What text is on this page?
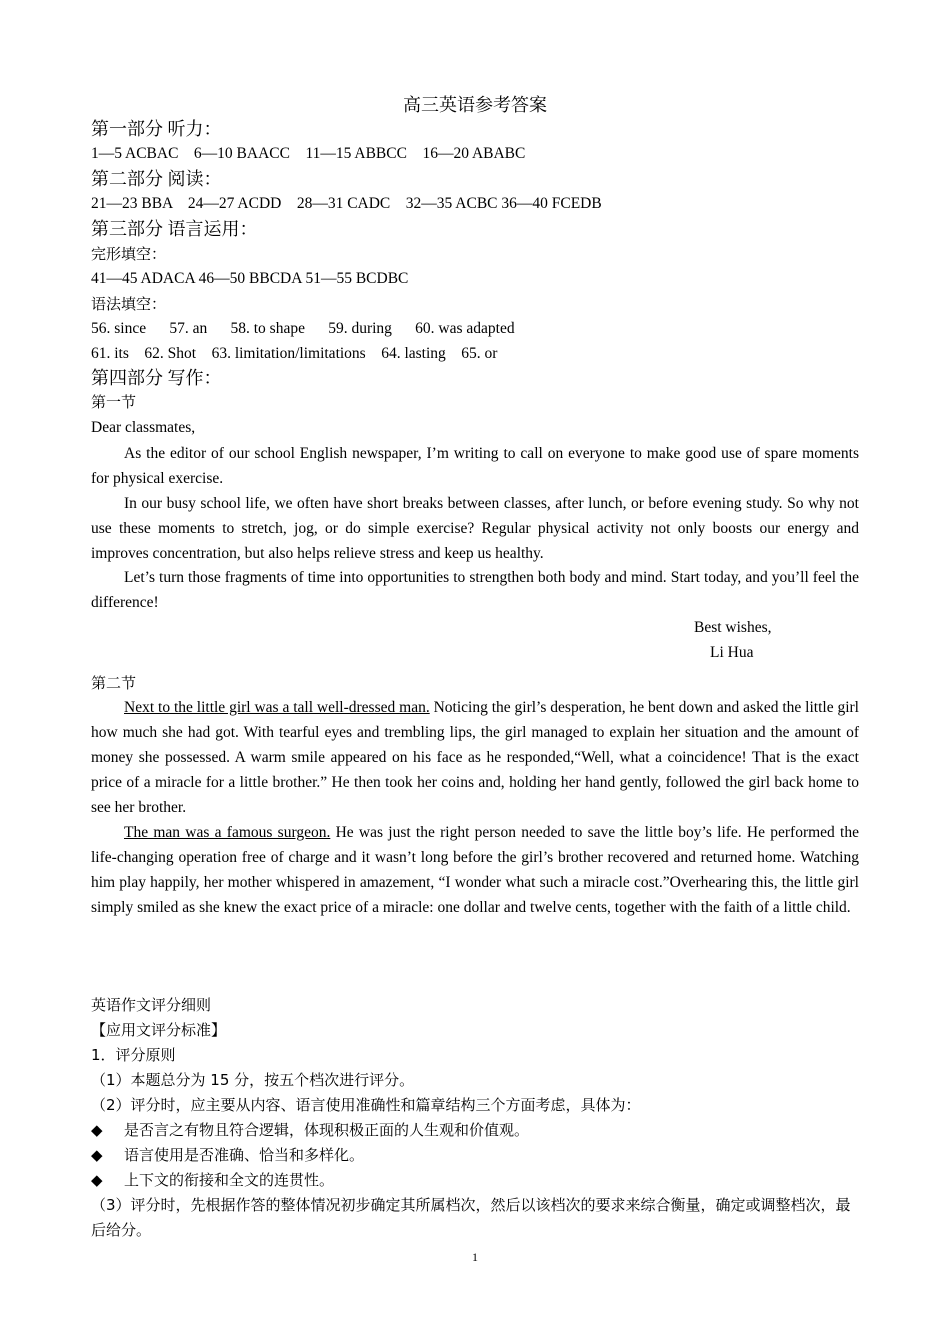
高三英语参考答案
第一部分 听力：
1—5 ACBAC    6—10 BAACC    11—15 ABBCC    16—20 ABABC
第二部分 阅读：
21—23 BBA    24—27 ACDD    28—31 CADC    32—35 ACBC 36—40 FCEDB
第三部分 语言运用：
完形填空：
41—45 ADACA 46—50 BBCDA 51—55 BCDBC
语法填空：
56. since      57. an      58. to shape      59. during      60. was adapted
61. its    62. Shot    63. limitation/limitations    64. lasting    65. or
第四部分 写作：
第一节
Dear classmates,
As the editor of our school English newspaper, I’m writing to call on everyone to make good use of spare moments for physical exercise.
In our busy school life, we often have short breaks between classes, after lunch, or before evening study. So why not use these moments to stretch, jog, or do simple exercise? Regular physical activity not only boosts our energy and improves concentration, but also helps relieve stress and keep us healthy.
Let’s turn those fragments of time into opportunities to strengthen both body and mind. Start today, and you’ll feel the difference!
Best wishes,
Li Hua
第二节
Next to the little girl was a tall well-dressed man. Noticing the girl’s desperation, he bent down and asked the little girl how much she had got. With tearful eyes and trembling lips, the girl managed to explain her situation and the amount of money she possessed. A warm smile appeared on his face as he responded,“Well, what a coincidence! That is the exact price of a miracle for a little brother.” He then took her coins and, holding her hand gently, followed the girl back home to see her brother.
The man was a famous surgeon. He was just the right person needed to save the little boy’s life. He performed the life-changing operation free of charge and it wasn’t long before the girl’s brother recovered and returned home. Watching him play happily, her mother whispered in amazement, “I wonder what such a miracle cost.”Overhearing this, the little girl simply smiled as she knew the exact price of a miracle: one dollar and twelve cents, together with the faith of a little child.
英语作文评分细则
【应用文评分标准】
1．评分原则
（1）本题总分为 15 分，按五个档次进行评分。
（2）评分时，应主要从内容、语言使用准确性和篇章结构三个方面考虑，具体为：
◆ 是否言之有物且符合逻辑，体现积极正面的人生观和价值观。
◆ 语言使用是否准确、恰当和多样化。
◆ 上下文的衔接和全文的连贯性。
（3）评分时，先根据作答的整体情况初步确定其所属档次，然后以该档次的要求来综合衡量，确定或调整档次，最后给分。
1
